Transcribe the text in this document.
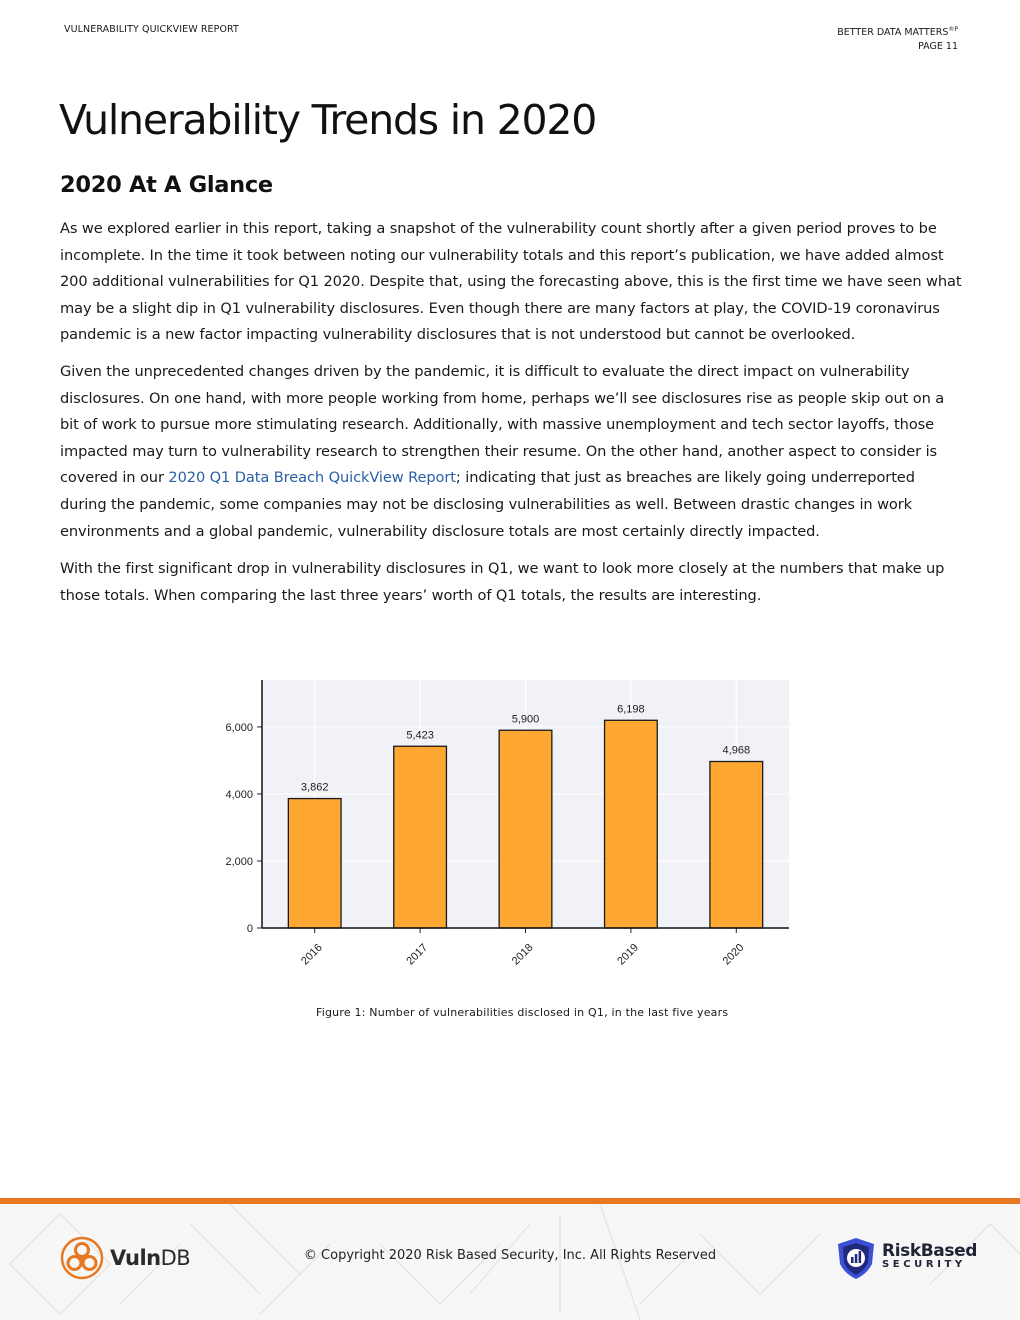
VULNERABILITY QUICKVIEW REPORT	BETTER DATA $MATTERS^{®P}$
PAGE 11
Vulnerability Trends in 2020
2020 At A Glance

As we explored earlier in this report, taking a snapshot of the vulnerability count shortly after a given period proves to be incomplete. In the time it took between noting our vulnerability totals and this report’s publication, we have added almost 200 additional vulnerabilities for Q1 2020. Despite that, using the forecasting above, this is the first time we have seen what may be a slight dip in Q1 vulnerability disclosures. Even though there are many factors at play, the COVID-19 coronavirus pandemic is a new factor impacting vulnerability disclosures that is not understood but cannot be overlooked.

Given the unprecedented changes driven by the pandemic, it is difficult to evaluate the direct impact on vulnerability disclosures. On one hand, with more people working from home, perhaps we’ll see disclosures rise as people skip out on a bit of work to pursue more stimulating research. Additionally, with massive unemployment and tech sector layoffs, those impacted may turn to vulnerability research to strengthen their resume. On the other hand, another aspect to consider is covered in our 2020 Q1 Data Breach QuickView Report; indicating that just as breaches are likely going underreported during the pandemic, some companies may not be disclosing vulnerabilities as well. Between drastic changes in work environments and a global pandemic, vulnerability disclosure totals are most certainly directly impacted.

With the first significant drop in vulnerability disclosures in Q1, we want to look more closely at the numbers that make up those totals. When comparing the last three years’ worth of Q1 totals, the results are interesting.

0
2,000
4,000
6,000
3,862
2016
5,423
2017
5,900
2018
6,198
2019
4,968
2020
Figure 1: Number of vulnerabilities disclosed in Q1, in the last five years
VulnDB	© Copyright 2020 Risk Based Security, Inc. All Rights Reserved	RiskBased
SECURITY
